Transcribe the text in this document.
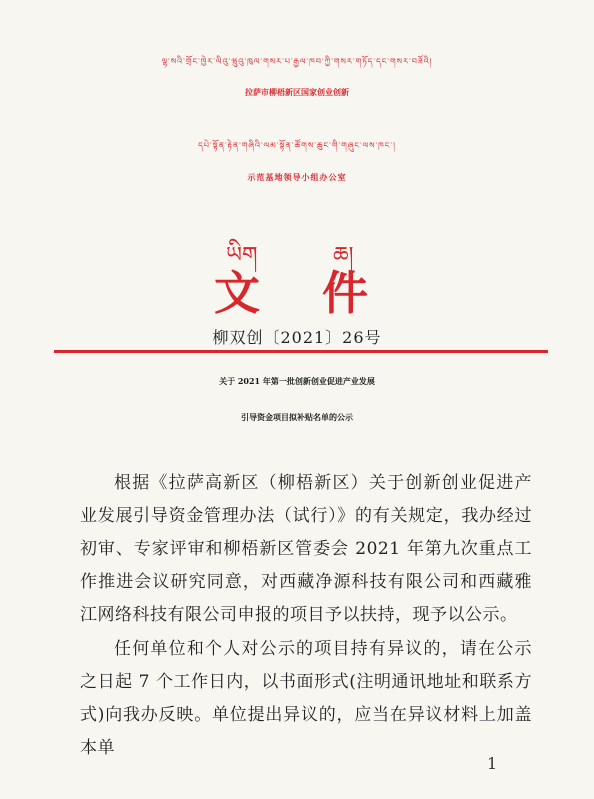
ལྷ་སའི་གྲོང་ཁྱེར་ལིའུ་ཝུའུ་ཁུལ་གསར་པ་རྒྱལ་ཁབ་ཀྱི་གསར་གཏོད་དང་གསར་བཟོའི།
拉萨市柳梧新区国家创业创新
དཔེ་སྟོན་རྟེན་གཞིའི་ལམ་སྟོན་ཚོགས་ཆུང་གི་གཞུང་ལས་ཁང་།
示范基地领导小组办公室
ཡིག	ཆ།
文 件
柳双创〔2021〕26号
关于 2021 年第一批创新创业促进产业发展
引导资金项目拟补贴名单的公示

根据《拉萨高新区（柳梧新区）关于创新创业促进产业发展引导资金管理办法（试行）》的有关规定，我办经过初审、专家评审和柳梧新区管委会 2021 年第九次重点工作推进会议研究同意，对西藏净源科技有限公司和西藏雅江网络科技有限公司申报的项目予以扶持，现予以公示。

任何单位和个人对公示的项目持有异议的，请在公示之日起 7 个工作日内，以书面形式(注明通讯地址和联系方式)向我办反映。单位提出异议的，应当在异议材料上加盖本单

1
